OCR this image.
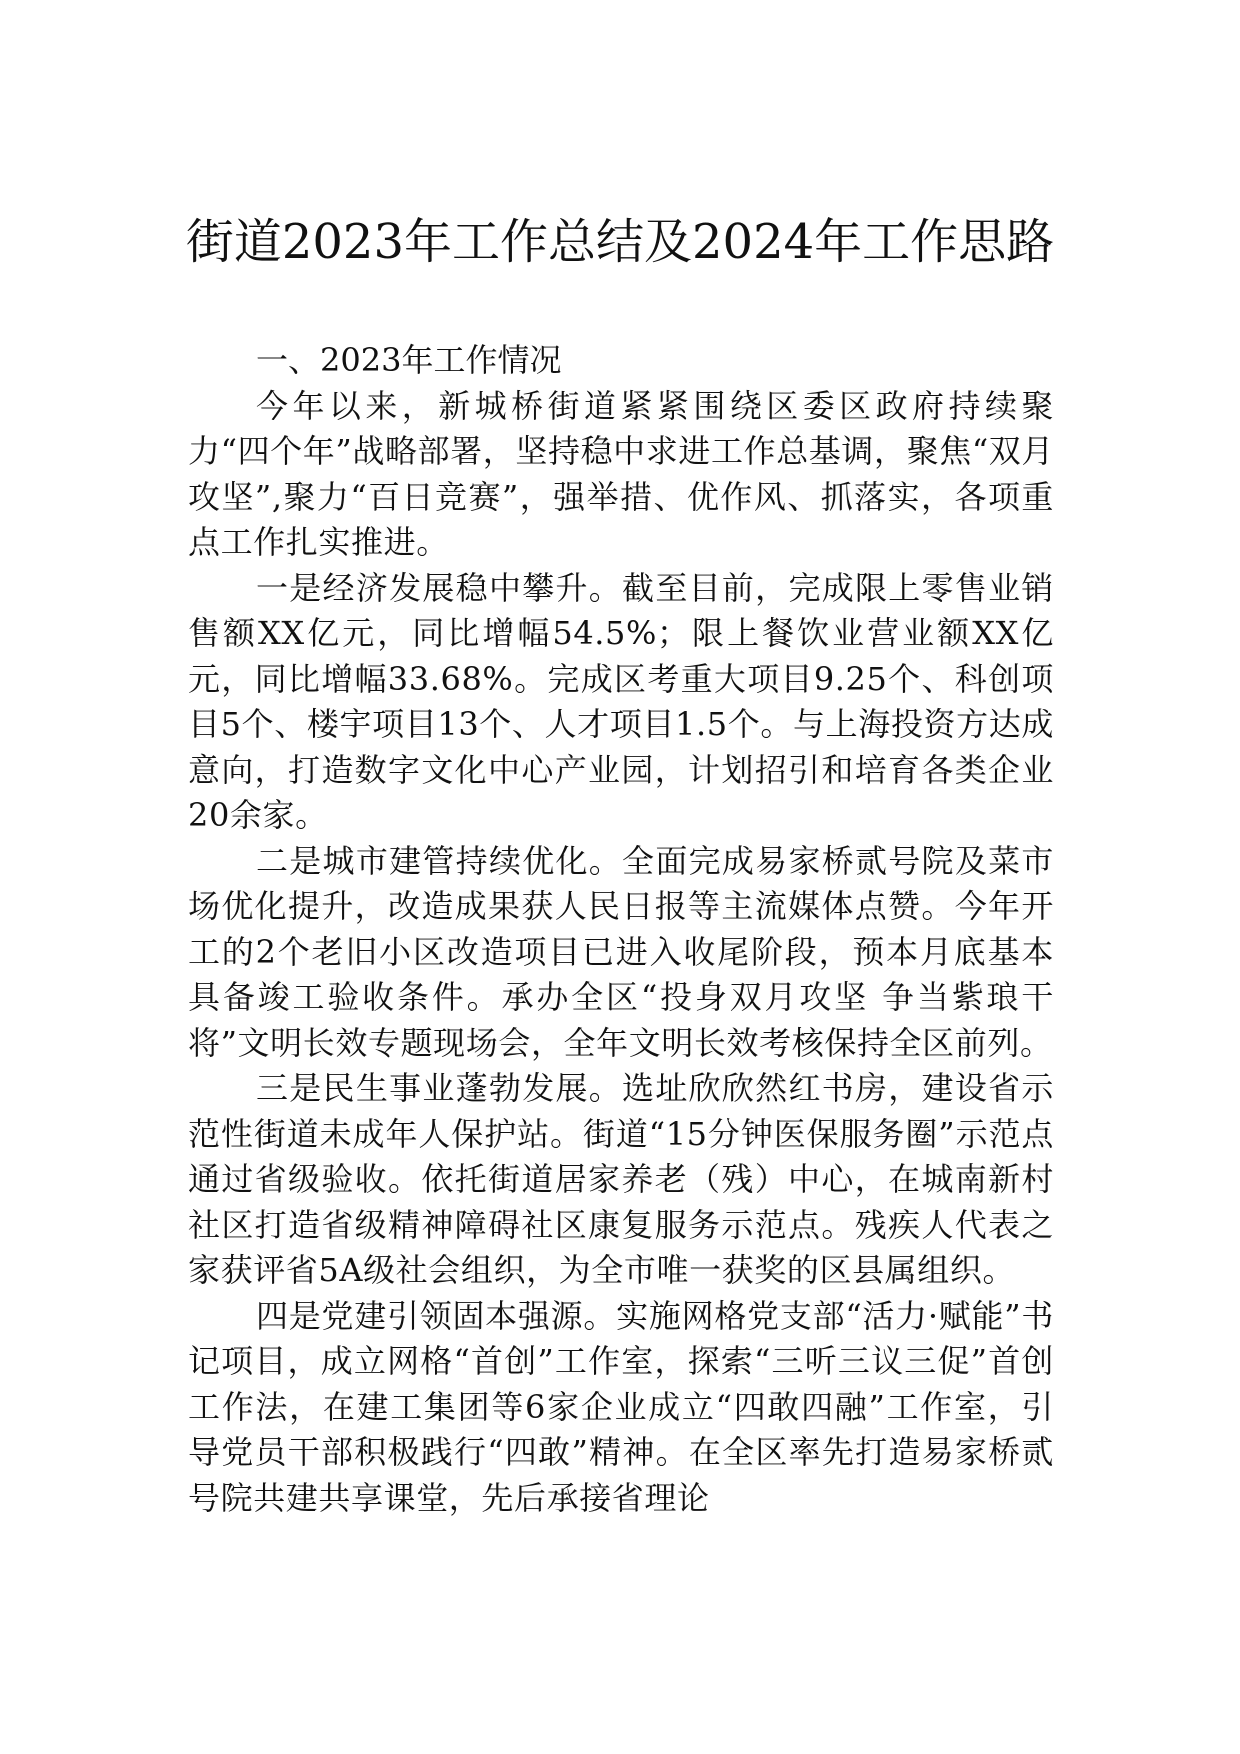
街道2023年工作总结及2024年工作思路

一、2023年工作情况

今年以来，新城桥街道紧紧围绕区委区政府持续聚力“四个年”战略部署，坚持稳中求进工作总基调，聚焦“双月攻坚”,聚力“百日竞赛”，强举措、优作风、抓落实，各项重点工作扎实推进。

一是经济发展稳中攀升。截至目前，完成限上零售业销售额XX亿元，同比增幅54.5%；限上餐饮业营业额XX亿元，同比增幅33.68%。完成区考重大项目9.25个、科创项目5个、楼宇项目13个、人才项目1.5个。与上海投资方达成意向，打造数字文化中心产业园，计划招引和培育各类企业20余家。

二是城市建管持续优化。全面完成易家桥贰号院及菜市场优化提升，改造成果获人民日报等主流媒体点赞。今年开工的2个老旧小区改造项目已进入收尾阶段，预本月底基本具备竣工验收条件。承办全区“投身双月攻坚 争当紫琅干将”文明长效专题现场会，全年文明长效考核保持全区前列。

三是民生事业蓬勃发展。选址欣欣然红书房，建设省示范性街道未成年人保护站。街道“15分钟医保服务圈”示范点通过省级验收。依托街道居家养老（残）中心，在城南新村社区打造省级精神障碍社区康复服务示范点。残疾人代表之家获评省5A级社会组织，为全市唯一获奖的区县属组织。

四是党建引领固本强源。实施网格党支部“活力·赋能”书记项目，成立网格“首创”工作室，探索“三听三议三促”首创工作法，在建工集团等6家企业成立“四敢四融”工作室，引导党员干部积极践行“四敢”精神。在全区率先打造易家桥贰号院共建共享课堂，先后承接省理论
